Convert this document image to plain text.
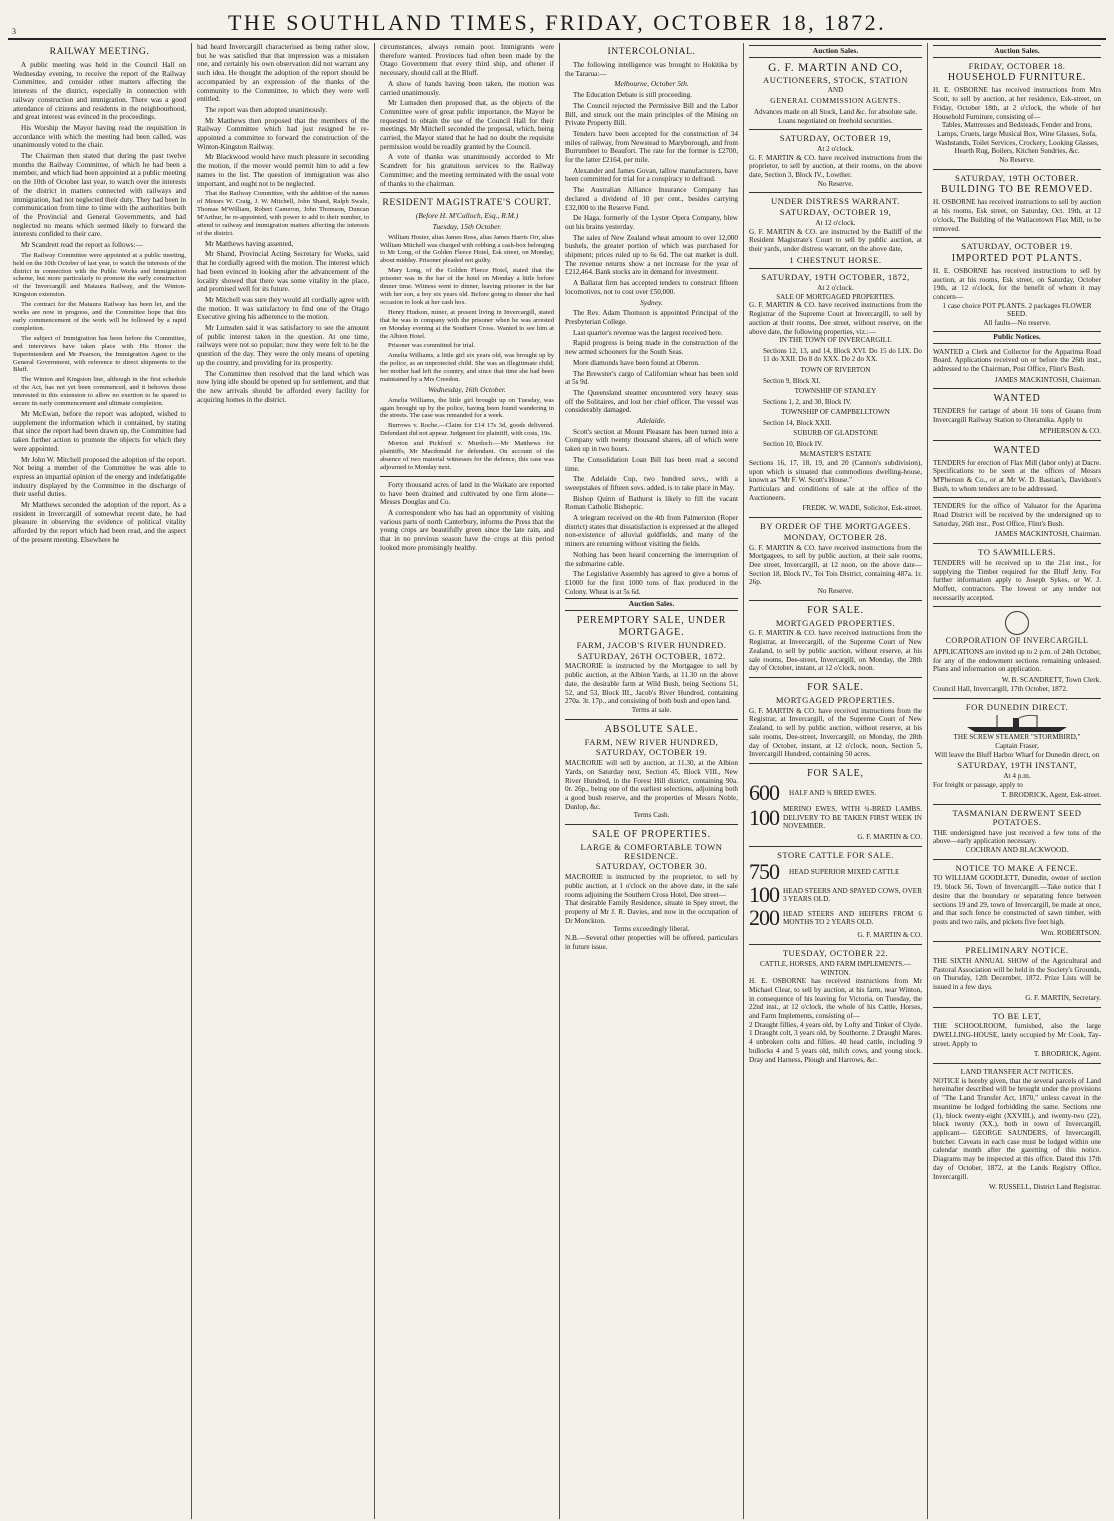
3	THE SOUTHLAND TIMES, FRIDAY, OCTOBER 18, 1872.
RAILWAY MEETING.

A public meeting was held in the Council Hall on Wednesday evening, to receive the report of the Railway Committee, and consider other matters affecting the interests of the district, especially in connection with railway construction and immigration. There was a good attendance of citizens and residents in the neighbourhood, and great interest was evinced in the proceedings.

His Worship the Mayor having read the requisition in accordance with which the meeting had been called, was unanimously voted to the chair.

The Chairman then stated that during the past twelve months the Railway Committee, of which he had been a member, and which had been appointed at a public meeting on the 10th of October last year, to watch over the interests of the district in matters connected with railways and immigration, had not neglected their duty. They had been in communication from time to time with the authorities both of the Provincial and General Governments, and had neglected no means which seemed likely to forward the interests confided to their care.

Mr Scandrett read the report as follows:—

The Railway Committee were appointed at a public meeting, held on the 10th October of last year, to watch the interests of the district in connection with the Public Works and Immigration scheme, but more particularly to promote the early construction of the Invercargill and Mataura Railway, and the Winton-Kingston extension.

The contract for the Mataura Railway has been let, and the works are now in progress, and the Committee hope that this early commencement of the work will be followed by a rapid completion.

The subject of Immigration has been before the Committee, and interviews have taken place with His Honor the Superintendent and Mr Pearson, the Immigration Agent to the General Government, with reference to direct shipments to the Bluff.

The Winton and Kingston line, although in the first schedule of the Act, has not yet been commenced, and it behoves those interested in this extension to allow no exertion to be spared to secure its early commencement and ultimate completion.

Mr McEwan, before the report was adopted, wished to supplement the information which it contained, by stating that since the report had been drawn up, the Committee had taken further action to promote the objects for which they were appointed.

Mr John W. Mitchell proposed the adoption of the report. Not being a member of the Committee he was able to express an impartial opinion of the energy and indefatigable industry displayed by the Committee in the discharge of their useful duties.

Mr Matthews seconded the adoption of the report. As a resident in Invercargill of somewhat recent date, he had pleasure in observing the evidence of political vitality afforded by the report which had been read, and the aspect of the present meeting. Elsewhere he

had heard Invercargill characterised as being rather slow, but he was satisfied that that impression was a mistaken one, and certainly his own observation did not warrant any such idea. He thought the adoption of the report should be accompanied by an expression of the thanks of the community to the Committee, to which they were well entitled.

The report was then adopted unanimously.

Mr Matthews then proposed that the members of the Railway Committee which had just resigned be re-appointed a committee to forward the construction of the Winton-Kingston Railway.

Mr Blackwood would have much pleasure in seconding the motion, if the mover would permit him to add a few names to the list. The question of immigration was also important, and ought not to be neglected.

That the Railway Committee, with the addition of the names of Messrs W. Craig, J. W. Mitchell, John Shand, Ralph Swale, Thomas M'William, Robert Cameron, John Thomson, Duncan M'Arthur, be re-appointed, with power to add to their number, to attend to railway and immigration matters affecting the interests of the district.

Mr Matthews having assented,

Mr Shand, Provincial Acting Secretary for Works, said that he cordially agreed with the motion. The interest which had been evinced in looking after the advancement of the locality showed that there was some vitality in the place, and promised well for its future.

Mr Mitchell was sure they would all cordially agree with the motion. It was satisfactory to find one of the Otago Executive giving his adherence to the motion.

Mr Lumsden said it was satisfactory to see the amount of public interest taken in the question. At one time, railways were not so popular; now they were felt to be the question of the day. They were the only means of opening up the country, and providing for its prosperity.

The Committee then resolved that the land which was now lying idle should be opened up for settlement, and that the new arrivals should be afforded every facility for acquiring homes in the district.

circumstances, always remain poor. Immigrants were therefore wanted. Provinces had often been made by the Otago Government that every third ship, and oftener if necessary, should call at the Bluff.

A show of hands having been taken, the motion was carried unanimously.

Mr Lumsden then proposed that, as the objects of the Committee were of great public importance, the Mayor be requested to obtain the use of the Council Hall for their meetings. Mr Mitchell seconded the proposal, which, being carried, the Mayor stated that he had no doubt the requisite permission would be readily granted by the Council.

A vote of thanks was unanimously accorded to Mr Scandrett for his gratuitous services to the Railway Committee; and the meeting terminated with the usual vote of thanks to the chairman.

RESIDENT MAGISTRATE'S COURT.
(Before H. M'Culloch, Esq., R.M.)
Tuesday, 15th October.

William Hosier, alias James Ross, alias James Harris Orr, alias William Mitchell was charged with robbing a cash-box belonging to Mr Long, of the Golden Fleece Hotel, Esk street, on Monday, about midday. Prisoner pleaded not guilty.

Mary Long, of the Golden Fleece Hotel, stated that the prisoner was in the bar of the hotel on Monday a little before dinner time. Witness went to dinner, leaving prisoner in the bar with her son, a boy six years old. Before going to dinner she had occasion to look at her cash box.

Henry Hudson, miner, at present living in Invercargill, stated that he was in company with the prisoner when he was arrested on Monday evening at the Southern Cross. Wanted to see him at the Albion Hotel.

Prisoner was committed for trial.

Amelia Williams, a little girl six years old, was brought up by the police, as an unprotected child. She was an illegitimate child; her mother had left the country, and since that time she had been maintained by a Mrs Creedon.

Wednesday, 16th October.

Amelia Williams, the little girl brought up on Tuesday, was again brought up by the police, having been found wandering in the streets. The case was remanded for a week.

Burrows v. Roche.—Claim for £14 17s 3d, goods delivered. Defendant did not appear. Judgment for plaintiff, with costs, 19s.

Morton and Pickford v. Murdoch.—Mr Matthews for plaintiffs, Mr Macdonald for defendant. On account of the absence of two material witnesses for the defence, this case was adjourned to Monday next.

Forty thousand acres of land in the Waikato are reported to have been drained and cultivated by one firm alone—Messrs Douglas and Co.

A correspondent who has had an opportunity of visiting various parts of north Canterbury, informs the Press that the young crops are beautifully green since the late rain, and that in no previous season have the crops at this period looked more promisingly healthy.

INTERCOLONIAL.

The following intelligence was brought to Hokitika by the Tararua:—

Melbourne, October 5th.

The Education Debate is still proceeding.

The Council rejected the Permissive Bill and the Labor Bill, and struck out the main principles of the Mining on Private Property Bill.

Tenders have been accepted for the construction of 34 miles of railway, from Newstead to Maryborough, and from Burrumbeet to Beaufort. The rate for the former is £2700, for the latter £2164, per mile.

Alexander and James Govan, tallow manufacturers, have been committed for trial for a conspiracy to defraud.

The Australian Alliance Insurance Company has declared a dividend of 10 per cent., besides carrying £32,000 to the Reserve Fund.

De Haga, formerly of the Lyster Opera Company, blew out his brains yesterday.

The sales of New Zealand wheat amount to over 12,000 bushels, the greater portion of which was purchased for shipment; prices ruled up to 6s 6d. The oat market is dull. The revenue returns show a net increase for the year of £212,464. Bank stocks are in demand for investment.

A Ballarat firm has accepted tenders to construct fifteen locomotives, not to cost over £50,000.

Sydney.

The Rev. Adam Thomson is appointed Principal of the Presbyterian College.

Last quarter's revenue was the largest received here.

Rapid progress is being made in the construction of the new armed schooners for the South Seas.

More diamonds have been found at Oberon.

The Brewster's cargo of Californian wheat has been sold at 5s 9d.

The Queensland steamer encountered very heavy seas off the Solitaires, and lost her chief officer. The vessel was considerably damaged.

Adelaide.

Scott's section at Mount Pleasant has been turned into a Company with twenty thousand shares, all of which were taken up in two hours.

The Consolidation Loan Bill has been read a second time.

The Adelaide Cup, two hundred sovs., with a sweepstakes of fifteen sovs. added, is to take place in May.

Bishop Quinn of Bathurst is likely to fill the vacant Roman Catholic Bishopric.

A telegram received on the 4th from Palmerston (Roper district) states that dissatisfaction is expressed at the alleged non-existence of alluvial goldfields, and many of the miners are returning without visiting the fields.

Nothing has been heard concerning the interruption of the submarine cable.

The Legislative Assembly has agreed to give a bonus of £1000 for the first 1000 tons of flax produced in the Colony. Wheat is at 5s 6d.

Auction Sales.
PEREMPTORY SALE, UNDER MORTGAGE.
FARM, JACOB'S RIVER HUNDRED.
SATURDAY, 26TH OCTOBER, 1872.

MACRORIE is instructed by the Mortgagee to sell by public auction, at the Albion Yards, at 11.30 on the above date, the desirable farm at Wild Bush, being Sections 51, 52, and 53, Block III., Jacob's River Hundred, containing 270a. 3r. 17p., and consisting of both bush and open land.

Terms at sale.
ABSOLUTE SALE.
FARM, NEW RIVER HUNDRED,
SATURDAY, OCTOBER 19.

MACRORIE will sell by auction, at 11.30, at the Albion Yards, on Saturday next, Section 45, Block VIII., New River Hundred, in the Forest Hill district, containing 90a. 0r. 26p., being one of the earliest selections, adjoining both a good bush reserve, and the properties of Messrs Noble, Dunlop, &c.

Terms Cash.
SALE OF PROPERTIES.
LARGE & COMFORTABLE TOWN RESIDENCE.
SATURDAY, OCTOBER 30.

MACRORIE is instructed by the proprietor, to sell by public auction, at 1 o'clock on the above date, in the sale rooms adjoining the Southern Cross Hotel, Dee street—

That desirable Family Residence, situate in Spey street, the property of Mr J. R. Davies, and now in the occupation of Dr Monckton.

Terms exceedingly liberal.

N.B.—Several other properties will be offered, particulars in future issue.

Auction Sales.
G. F. MARTIN AND CO,
AUCTIONEERS, STOCK, STATION
AND
GENERAL COMMISSION AGENTS.
Advances made on all Stock, Land &c. for absolute sale.
Loans negotiated on freehold securities.
SATURDAY, OCTOBER 19,
At 2 o'clock.

G. F. MARTIN & CO. have received instructions from the proprietor, to sell by auction, at their rooms, on the above date, Section 3, Block IV., Lowther.

No Reserve.
UNDER DISTRESS WARRANT.
SATURDAY, OCTOBER 19,
At 12 o'clock.

G. F. MARTIN & CO. are instructed by the Bailiff of the Resident Magistrate's Court to sell by public auction, at their yards, under distress warrant, on the above date,

1 CHESTNUT HORSE.
SATURDAY, 19TH OCTOBER, 1872,
At 2 o'clock.
SALE OF MORTGAGED PROPERTIES.

G. F. MARTIN & CO. have received instructions from the Registrar of the Supreme Court at Invercargill, to sell by auction at their rooms, Dee street, without reserve, on the above date, the following properties, viz.:—

IN THE TOWN OF INVERCARGILL
Sections 12, 13, and 14, Block XVI. Do 15 do LIX. Do 11 do XXII. Do 8 do XXX. Do 2 do XX.
TOWN OF RIVERTON
Section 9, Block XI.
TOWNSHIP OF STANLEY
Sections 1, 2, and 30, Block IV.
TOWNSHIP OF CAMPBELLTOWN
Section 14, Block XXII.
SUBURB OF GLADSTONE
Section 10, Block IV.
McMASTER'S ESTATE

Sections 16, 17, 18, 19, and 20 (Cannon's subdivision), upon which is situated that commodious dwelling-house, known as "Mr F. W. Scott's House."

Particulars and conditions of sale at the office of the Auctioneers.

FREDK. W. WADE, Solicitor, Esk-street.
BY ORDER OF THE MORTGAGEES.
MONDAY, OCTOBER 28.

G. F. MARTIN & CO. have received instructions from the Mortgagees, to sell by public auction, at their sale rooms, Dee street, Invercargill, at 12 noon, on the above date— Section 18, Block IV., Toi Tois District, containing 487a. 1r. 26p.

No Reserve.
FOR SALE.
MORTGAGED PROPERTIES.

G. F. MARTIN & CO. have received instructions from the Registrar, at Invercargill, of the Supreme Court of New Zealand, to sell by public auction, without reserve, at his sale rooms, Dee-street, Invercargill, on Monday, the 28th day of October, instant, at 12 o'clock, noon.

FOR SALE.
MORTGAGED PROPERTIES.

G. F. MARTIN & CO. have received instructions from the Registrar, at Invercargill, of the Supreme Court of New Zealand, to sell by public auction, without reserve, at his sale rooms, Dee-street, Invercargill, on Monday, the 28th day of October, instant, at 12 o'clock, noon, Section 5, Invercargill Hundred, containing 50 acres.

FOR SALE,
600	HALF AND ¾ BRED EWES.
100 MERINO EWES, WITH ¾-BRED LAMBS. DELIVERY TO BE TAKEN FIRST WEEK IN NOVEMBER.
G. F. MARTIN & CO.
STORE CATTLE FOR SALE.
750	HEAD SUPERIOR MIXED CATTLE
100 HEAD STEERS AND SPAYED COWS, OVER 3 YEARS OLD.
200 HEAD STEERS AND HEIFERS FROM 6 MONTHS TO 2 YEARS OLD.
G. F. MARTIN & CO.
TUESDAY, OCTOBER 22.
CATTLE, HORSES, AND FARM IMPLEMENTS.—WINTON.

H. E. OSBORNE has received instructions from Mr Michael Clear, to sell by auction, at his farm, near Winton, in consequence of his leaving for Victoria, on Tuesday, the 22nd inst., at 12 o'clock, the whole of his Cattle, Horses, and Farm Implements, consisting of—

2 Draught fillies, 4 years old, by Lofty and Tinker of Clyde. 1 Draught colt, 3 years old, by Southorne. 2 Draught Mares. 4 unbroken colts and fillies. 40 head cattle, including 9 bullocks 4 and 5 years old, milch cows, and young stock. Dray and Harness, Plough and Harrows, &c.

Auction Sales.
FRIDAY, OCTOBER 18.
HOUSEHOLD FURNITURE.

H. E. OSBORNE has received instructions from Mrs Scott, to sell by auction, at her residence, Esk-street, on Friday, October 18th, at 2 o'clock, the whole of her Household Furniture, consisting of—

Tables, Mattresses and Bedsteads, Fender and Irons, Lamps, Cruets, large Musical Box, Wine Glasses, Sofa, Washstands, Toilet Services, Crockery, Looking Glasses, Hearth Rug, Boilers, Kitchen Sundries, &c.

No Reserve.
SATURDAY, 19TH OCTOBER.
BUILDING TO BE REMOVED.

H. OSBORNE has received instructions to sell by auction at his rooms, Esk street, on Saturday, Oct. 19th, at 12 o'clock, The Building of the Wallacetown Flax Mill, to be removed.

SATURDAY, OCTOBER 19.
IMPORTED POT PLANTS.

H. E. OSBORNE has received instructions to sell by auction, at his rooms, Esk street, on Saturday, October 19th, at 12 o'clock, for the benefit of whom it may concern—

1 case choice POT PLANTS. 2 packages FLOWER SEED.

All faults—No reserve.
Public Notices.

WANTED a Clerk and Collector for the Apparima Road Board. Applications received on or before the 26th inst., addressed to the Chairman, Post Office, Flint's Bush.

JAMES MACKINTOSH, Chairman.
WANTED

TENDERS for cartage of about 16 tons of Guano from Invercargill Railway Station to Oteramika. Apply to

M'PHERSON & CO.
WANTED

TENDERS for erection of Flax Mill (labor only) at Dacre. Specifications to be seen at the offices of Messrs M'Pherson & Co., or at Mr W. D. Bastian's, Davidson's Bush, to whom tenders are to be addressed.

TENDERS for the office of Valuator for the Aparima Road District will be received by the undersigned up to Saturday, 26th inst., Post Office, Flint's Bush.

JAMES MACKINTOSH, Chairman.
TO SAWMILLERS.

TENDERS will be received up to the 21st inst., for supplying the Timber required for the Bluff Jetty. For further information apply to Joseph Sykes, or W. J. Moffett, contractors. The lowest or any tender not necessarily accepted.

CORPORATION OF INVERCARGILL

APPLICATIONS are invited up to 2 p.m. of 24th October, for any of the endowment sections remaining unleased. Plans and information on application.

W. B. SCANDRETT, Town Clerk.

Council Hall, Invercargill, 17th October, 1872.

FOR DUNEDIN DIRECT.
THE SCREW STEAMER "STORMBIRD,"
Captain Fraser,

Will leave the Bluff Harbor Wharf for Dunedin direct, on

SATURDAY, 19TH INSTANT,
At 4 p.m.

For freight or passage, apply to

T. BRODRICK, Agent, Esk-street.
TASMANIAN DERWENT SEED POTATOES.

THE undersigned have just received a few tons of the above—early application necessary.

COCHRAN AND BLACKWOOD.
NOTICE TO MAKE A FENCE.

TO WILLIAM GOODLETT, Dunedin, owner of section 19, block 56, Town of Invercargill.—Take notice that I desire that the boundary or separating fence between sections 19 and 29, town of Invercargill, be made at once, and that such fence be constructed of sawn timber, with posts and two rails, and pickets five feet high.

Wm. ROBERTSON.
PRELIMINARY NOTICE.

THE SIXTH ANNUAL SHOW of the Agricultural and Pastoral Association will be held in the Society's Grounds, on Thursday, 12th December, 1872. Prize Lists will be issued in a few days.

G. F. MARTIN, Secretary.
TO BE LET,

THE SCHOOLROOM, furnished, also the large DWELLING-HOUSE, lately occupied by Mr Cook, Tay-street. Apply to

T. BRODRICK, Agent.
LAND TRANSFER ACT NOTICES.

NOTICE is hereby given, that the several parcels of Land hereinafter described will be brought under the provisions of "The Land Transfer Act, 1870," unless caveat in the meantime be lodged forbidding the same. Sections one (1), block twenty-eight (XXVIII.), and twenty-two (22), block twenty (XX.), both in town of Invercargill, applicant— GEORGE SAUNDERS, of Invercargill, butcher. Caveats in each case must be lodged within one calendar month after the gazetting of this notice. Diagrams may be inspected at this office. Dated this 17th day of October, 1872, at the Lands Registry Office, Invercargill.

W. RUSSELL, District Land Registrar.
